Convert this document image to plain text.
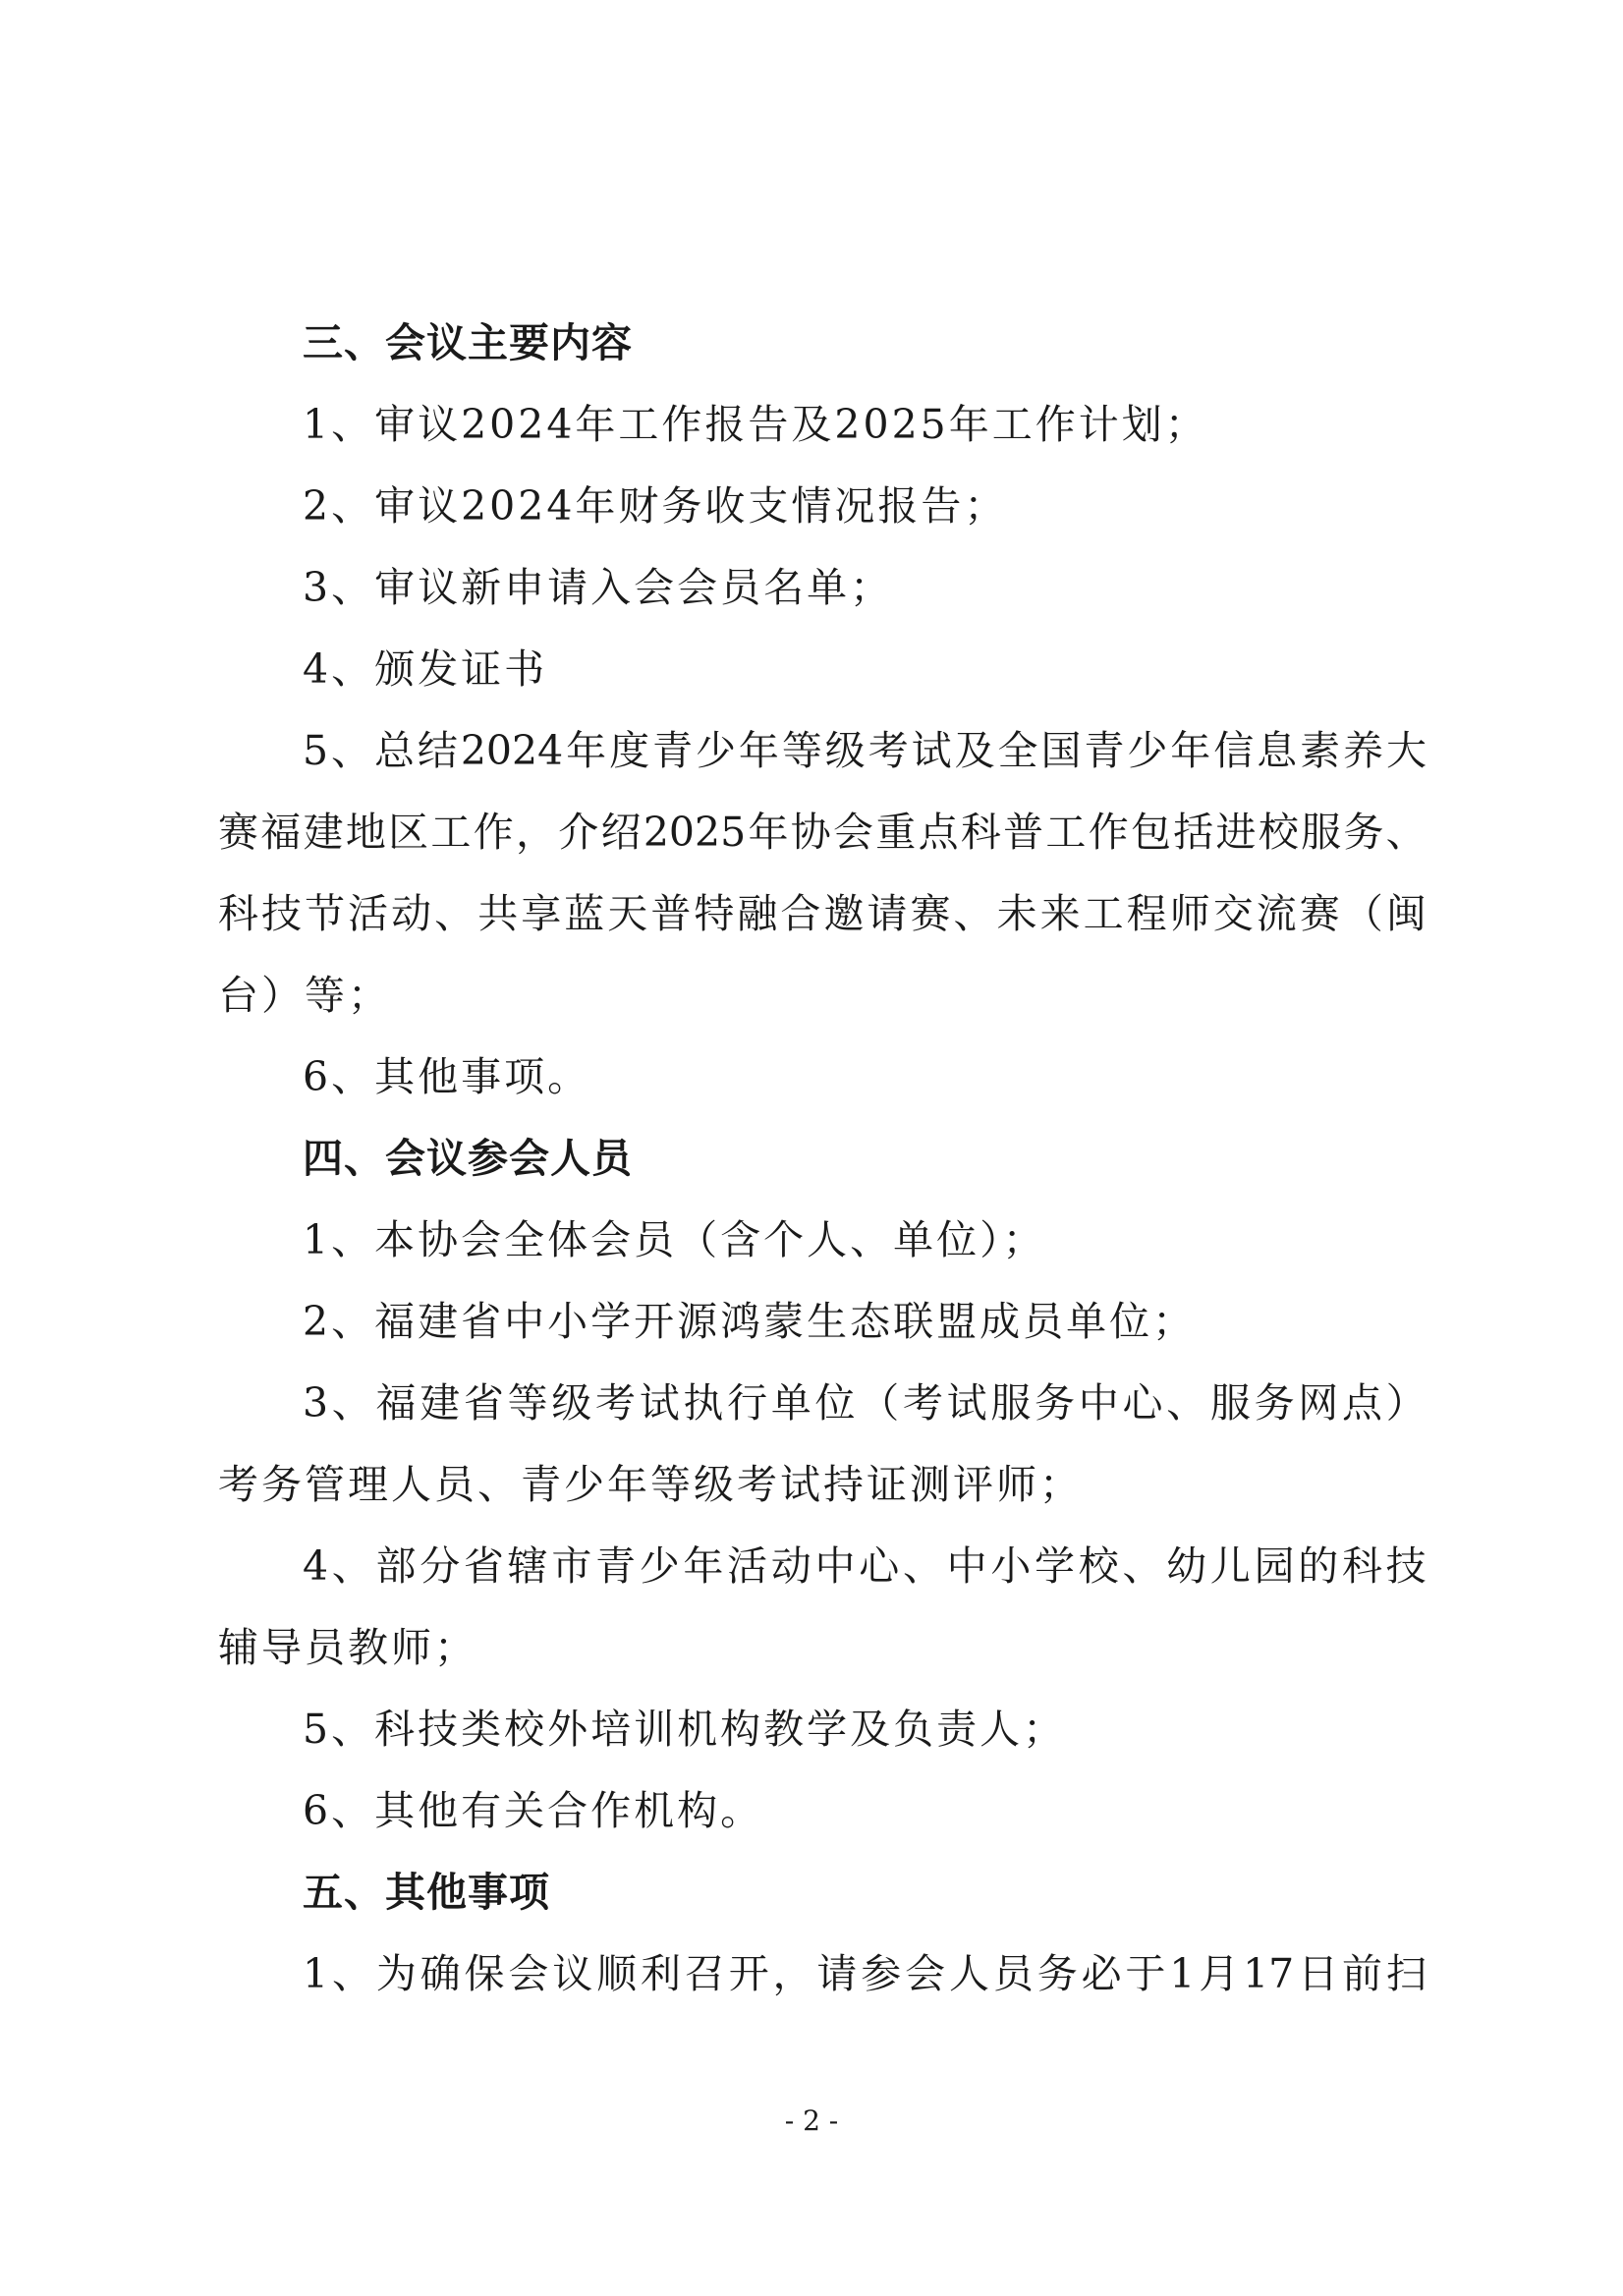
三、会议主要内容
1、审议2024年工作报告及2025年工作计划；
2、审议2024年财务收支情况报告；
3、审议新申请入会会员名单；
4、颁发证书
5 、 总 结 2024 年 度 青 少 年 等 级 考 试 及 全 国 青 少 年 信 息 素 养 大
赛 福 建 地 区 工 作 ， 介 绍 2025 年 协 会 重 点 科 普 工 作 包 括 进 校 服 务 、
科 技 节 活 动 、 共 享 蓝 天 普 特 融 合 邀 请 赛 、 未 来 工 程 师 交 流 赛 （ 闽
台）等；
6、其他事项。
四、会议参会人员
1、本协会全体会员（含个人、单位）；
2、福建省中小学开源鸿蒙生态联盟成员单位；
3 、 福 建 省 等 级 考 试 执 行 单 位 （ 考 试 服 务 中 心 、 服 务 网 点 ）
考务管理人员、青少年等级考试持证测评师；
4 、 部 分 省 辖 市 青 少 年 活 动 中 心 、 中 小 学 校 、 幼 儿 园 的 科 技
辅导员教师；
5、科技类校外培训机构教学及负责人；
6、其他有关合作机构。
五、其他事项
1 、 为 确 保 会 议 顺 利 召 开 ， 请 参 会 人 员 务 必 于 1 月 17 日 前 扫
- 2 -
